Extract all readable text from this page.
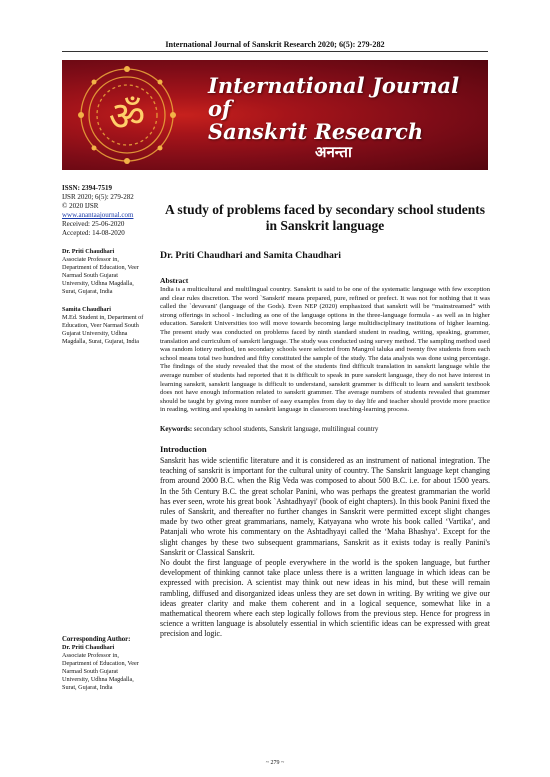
International Journal of Sanskrit Research 2020; 6(5): 279-282
ॐ
International Journal of
Sanskrit Research
अनन्ता
ISSN: 2394-7519
IJSR 2020; 6(5): 279-282
© 2020 IJSR
www.anantaajournal.com
Received: 25-06-2020
Accepted: 14-08-2020
Dr. Priti Chaudhari
Associate Professor in,
Department of Education, Veer
Narmad South Gujarat
University, Udhna Magdalla,
Surat, Gujarat, India
Samita Chaudhari
M.Ed. Student in, Department of
Education, Veer Narmad South
Gujarat University, Udhna
Magdalla, Surat, Gujarat, India
Corresponding Author:
Dr. Priti Chaudhari
Associate Professor in,
Department of Education, Veer
Narmad South Gujarat
University, Udhna Magdalla,
Surat, Gujarat, India
A study of problems faced by secondary school students in Sanskrit language
Dr. Priti Chaudhari and Samita Chaudhari
Abstract

India is a multicultural and multilingual country. Sanskrit is said to be one of the systematic language with few exception and clear rules discretion. The word `Sanskrit' means prepared, pure, refined or prefect. It was not for nothing that it was called the `devavani' (language of the Gods). Even NEP (2020) emphasized that sanskrit will be “mainstreamed” with strong offerings in school - including as one of the language options in the three-language formula - as well as in higher education. Sanskrit Universities too will move towards becoming large multidisciplinary institutions of higher learning. The present study was conducted on problems faced by ninth standard student in reading, writing, speaking, grammer, translation and curriculum of sanskrit language. The study was conducted using survey method. The sampling method used was random lottery method, ten secondary schools were selected from Mangrol taluka and twenty five students from each school means total two hundred and fifty constituted the sample of the study. The data analysis was done using percentage. The findings of the study revealed that the most of the students find difficult translation in sanskrit language while the average number of students had reported that it is difficult to speak in pure sanskrit language, they do not have interest in learning sanskrit, sanskrit language is difficult to understand, sanskrit grammer is difficult to learn and sanskrit textbook does not have enough information related to sanskrit grammer. The average numbers of students revealed that grammer should be taught by giving more number of easy examples from day to day life and teacher should provide more practice in reading, writing and speaking in sanskrit language in classroom teaching-learning process.

Keywords: secondary school students, Sanskrit language, multilingual country

Introduction

Sanskrit has wide scientific literature and it is considered as an instrument of national integration. The teaching of sanskrit is important for the cultural unity of country. The Sanskrit language kept changing from around 2000 B.C. when the Rig Veda was composed to about 500 B.C. i.e. for about 1500 years. In the 5th Century B.C. the great scholar Panini, who was perhaps the greatest grammarian the world has ever seen, wrote his great book `Ashtadhyayi' (book of eight chapters). In this book Panini fixed the rules of Sanskrit, and thereafter no further changes in Sanskrit were permitted except slight changes made by two other great grammarians, namely, Katyayana who wrote his book called ‘Vartika’, and Patanjali who wrote his commentary on the Ashtadhyayi called the ‘Maha Bhashya’. Except for the slight changes by these two subsequent grammarians, Sanskrit as it exists today is really Panini's Sanskrit or Classical Sanskrit.

No doubt the first language of people everywhere in the world is the spoken language, but further development of thinking cannot take place unless there is a written language in which ideas can be expressed with precision. A scientist may think out new ideas in his mind, but these will remain rambling, diffused and disorganized ideas unless they are set down in writing. By writing we give our ideas greater clarity and make them coherent and in a logical sequence, somewhat like in a mathematical theorem where each step logically follows from the previous step. Hence for progress in science a written language is absolutely essential in which scientific ideas can be expressed with great precision and logic.

~ 279 ~
